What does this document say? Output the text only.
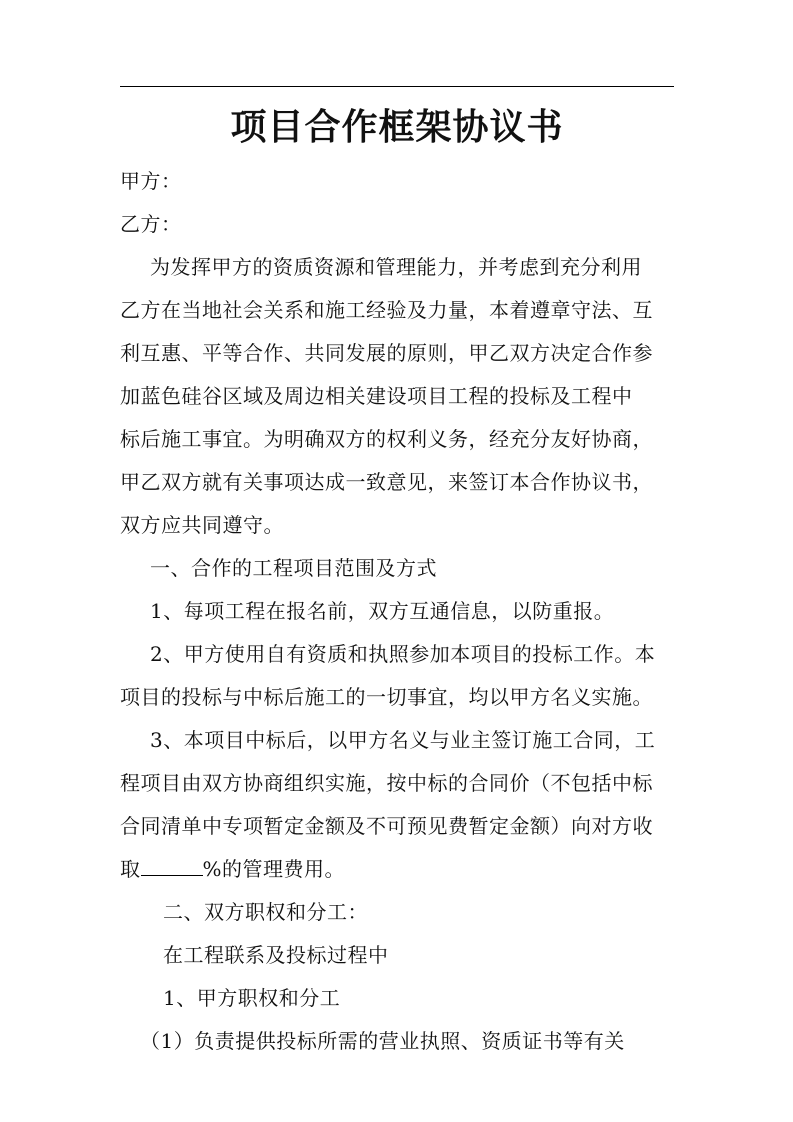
项目合作框架协议书
甲方：
乙方：
为发挥甲方的资质资源和管理能力，并考虑到充分利用
乙方在当地社会关系和施工经验及力量，本着遵章守法、互
利互惠、平等合作、共同发展的原则，甲乙双方决定合作参
加蓝色硅谷区域及周边相关建设项目工程的投标及工程中
标后施工事宜。为明确双方的权利义务，经充分友好协商，
甲乙双方就有关事项达成一致意见，来签订本合作协议书，
双方应共同遵守。
一、合作的工程项目范围及方式
1、每项工程在报名前，双方互通信息，以防重报。
2、甲方使用自有资质和执照参加本项目的投标工作。本
项目的投标与中标后施工的一切事宜，均以甲方名义实施。
3、本项目中标后，以甲方名义与业主签订施工合同，工
程项目由双方协商组织实施，按中标的合同价（不包括中标
合同清单中专项暂定金额及不可预见费暂定金额）向对方收
取	%的管理费用。
二、双方职权和分工：
在工程联系及投标过程中
1、甲方职权和分工
（1）负责提供投标所需的营业执照、资质证书等有关
